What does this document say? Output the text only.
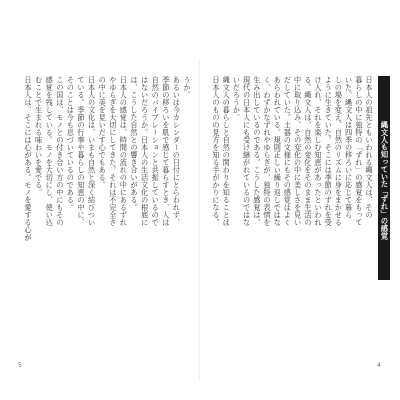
うか。
あるいは今カレンダーの日付にとらわれず、
季節の移ろいを肌で感じて暮らすとき、人は
自然のバイブレーションと共振しているので
はないだろうか。日本人の生活文化の根底に
は、こうした自然との響き合いがある。
日本人の感覚は、時間の流れの中にあるずれ
やゆらぎを大切にしてきた。それは不完全さ
の中に美を見いだす心でもある。
日本人の文化は、いまも自然と深く結びつい
ている。季節の行事や暮らしの知恵の中に、
そのことは今も息づいているのである。
この国は、モノとの付き合い方の中にもその
感覚を残している。モノを大切にし、使い込
むことで生まれる味わいを愛でる。
日本人は、そこには心がある。モノを愛する心が	縄文人も知っていた「ずれ」の感覚
日本人の祖先ともいわれる縄文人は、その
暮らしの中に独特の「ずれ」の感覚をもって
いた。縄文人は四季の移ろいに応じて暮ら
しの場を変え、自然のリズムに身をまかせる
ように生きていた。そこには季節のずれを受
け入れ、それを楽しむ知恵があったといわれ
る。縄文人は、自然の変化をそのまま生活の
中に取り込み、その変化の中に美しさを見い
だしていた。土器の文様にもその感覚はよく
あらわれている。規則正しい繰り返しではな
く、わずかなずれやゆらぎが、独特の表情を
生み出しているのである。こうした感覚は、
現代の日本人にも受け継がれているのではな
いだろうか。
縄文人の暮らしと自然の関わりを知ることは
日本人のものの見方を知る手がかりになる。
5	4
